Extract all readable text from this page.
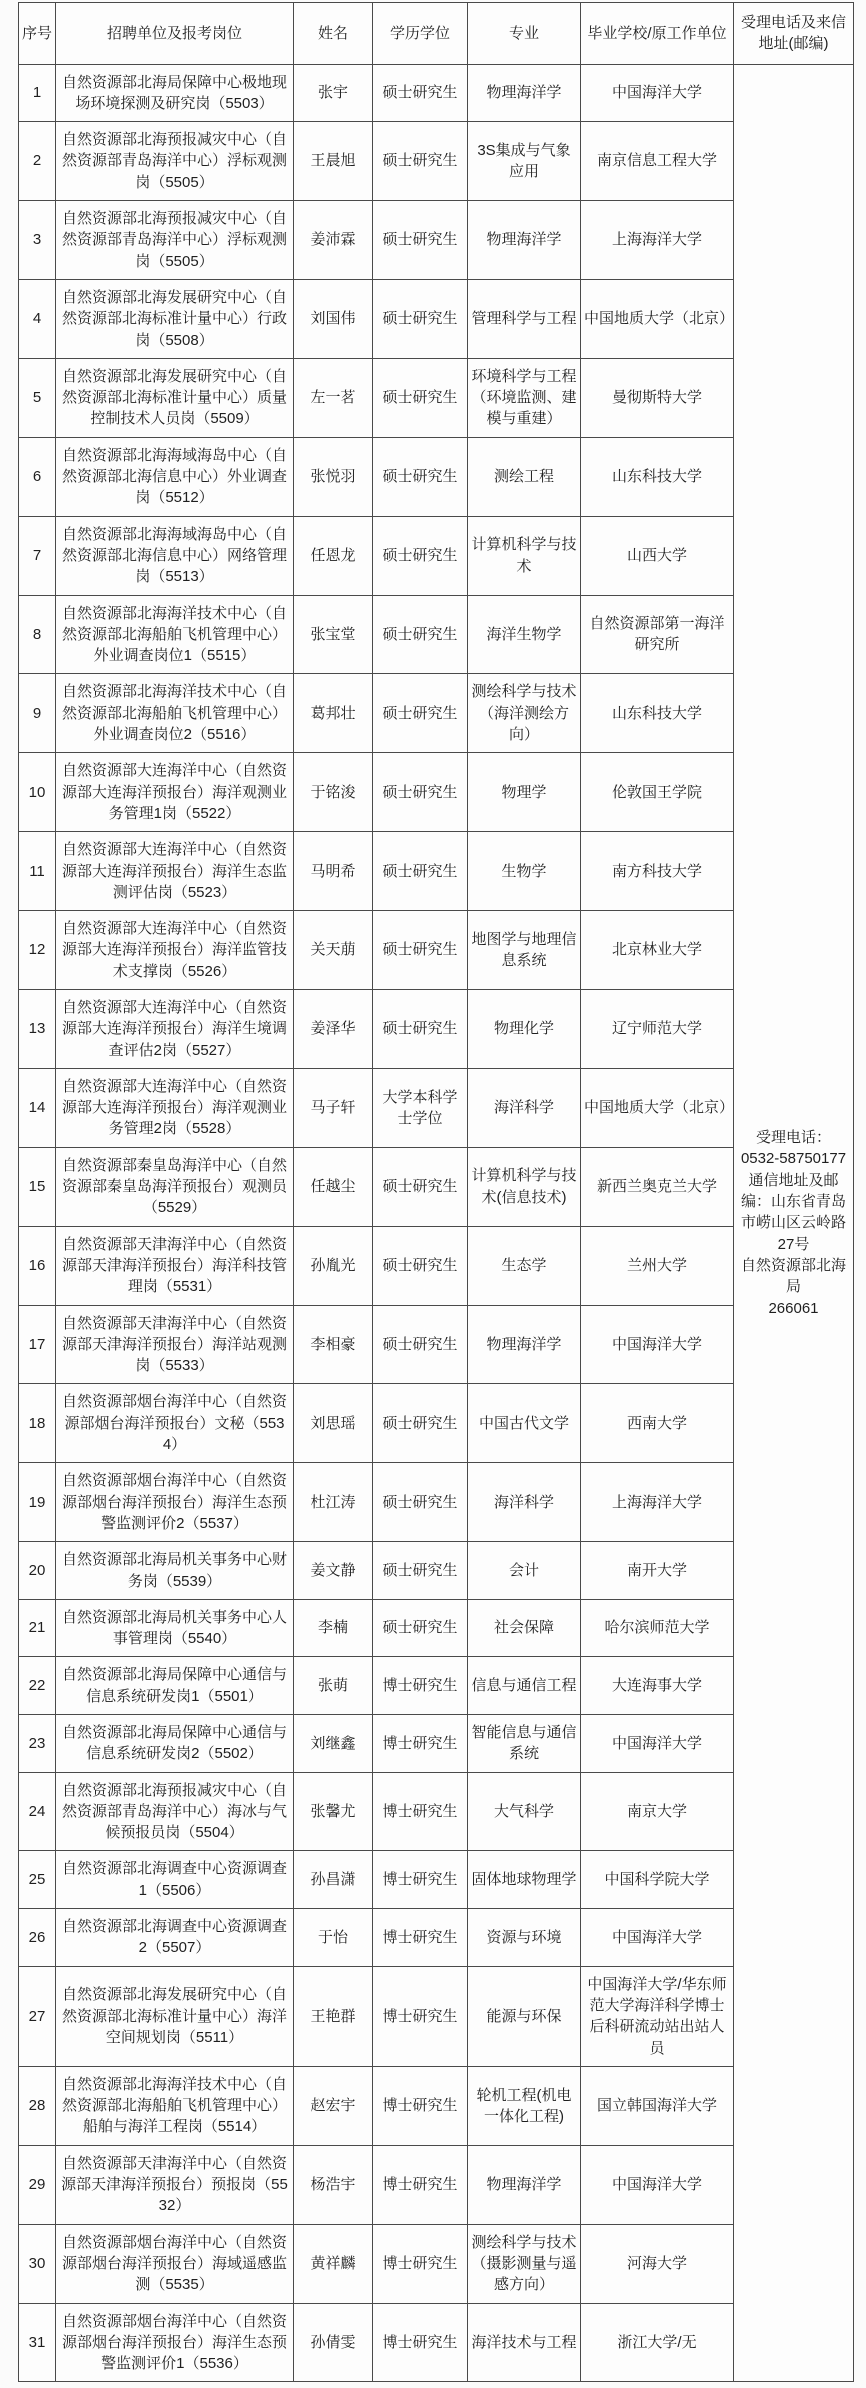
序号	招聘单位及报考岗位	姓名	学历学位	专业	毕业学校/原工作单位	受理电话及来信地址(邮编)
1	自然资源部北海局保障中心极地现场环境探测及研究岗（5503）	张宇	硕士研究生	物理海洋学	中国海洋大学	受理电话：
0532-58750177
通信地址及邮编：山东省青岛市崂山区云岭路27号
自然资源部北海局
266061

2	自然资源部北海预报减灾中心（自然资源部青岛海洋中心）浮标观测岗（5505）	王晨旭	硕士研究生	3S集成与气象应用	南京信息工程大学	
3	自然资源部北海预报减灾中心（自然资源部青岛海洋中心）浮标观测岗（5505）	姜沛霖	硕士研究生	物理海洋学	上海海洋大学	
4	自然资源部北海发展研究中心（自然资源部北海标准计量中心）行政岗（5508）	刘国伟	硕士研究生	管理科学与工程	中国地质大学（北京）	
5	自然资源部北海发展研究中心（自然资源部北海标准计量中心）质量控制技术人员岗（5509）	左一茗	硕士研究生	环境科学与工程（环境监测、建模与重建）	曼彻斯特大学	
6	自然资源部北海海域海岛中心（自然资源部北海信息中心）外业调查岗（5512）	张悦羽	硕士研究生	测绘工程	山东科技大学	
7	自然资源部北海海域海岛中心（自然资源部北海信息中心）网络管理岗（5513）	任恩龙	硕士研究生	计算机科学与技术	山西大学	
8	自然资源部北海海洋技术中心（自然资源部北海船舶飞机管理中心）外业调查岗位1（5515）	张宝堂	硕士研究生	海洋生物学	自然资源部第一海洋研究所	
9	自然资源部北海海洋技术中心（自然资源部北海船舶飞机管理中心）外业调查岗位2（5516）	葛邦壮	硕士研究生	测绘科学与技术（海洋测绘方向）	山东科技大学	
10	自然资源部大连海洋中心（自然资源部大连海洋预报台）海洋观测业务管理1岗（5522）	于铭浚	硕士研究生	物理学	伦敦国王学院	
11	自然资源部大连海洋中心（自然资源部大连海洋预报台）海洋生态监测评估岗（5523）	马明希	硕士研究生	生物学	南方科技大学	
12	自然资源部大连海洋中心（自然资源部大连海洋预报台）海洋监管技术支撑岗（5526）	关天萠	硕士研究生	地图学与地理信息系统	北京林业大学	
13	自然资源部大连海洋中心（自然资源部大连海洋预报台）海洋生境调查评估2岗（5527）	姜泽华	硕士研究生	物理化学	辽宁师范大学	
14	自然资源部大连海洋中心（自然资源部大连海洋预报台）海洋观测业务管理2岗（5528）	马子轩	大学本科学士学位	海洋科学	中国地质大学（北京）	
15	自然资源部秦皇岛海洋中心（自然资源部秦皇岛海洋预报台）观测员（5529）	任越尘	硕士研究生	计算机科学与技术(信息技术)	新西兰奥克兰大学	
16	自然资源部天津海洋中心（自然资源部天津海洋预报台）海洋科技管理岗（5531）	孙胤光	硕士研究生	生态学	兰州大学	
17	自然资源部天津海洋中心（自然资源部天津海洋预报台）海洋站观测岗（5533）	李相豪	硕士研究生	物理海洋学	中国海洋大学	
18	自然资源部烟台海洋中心（自然资源部烟台海洋预报台）文秘（5534）	刘思瑶	硕士研究生	中国古代文学	西南大学	
19	自然资源部烟台海洋中心（自然资源部烟台海洋预报台）海洋生态预警监测评价2（5537）	杜江涛	硕士研究生	海洋科学	上海海洋大学	
20	自然资源部北海局机关事务中心财务岗（5539）	姜文静	硕士研究生	会计	南开大学	
21	自然资源部北海局机关事务中心人事管理岗（5540）	李楠	硕士研究生	社会保障	哈尔滨师范大学	
22	自然资源部北海局保障中心通信与信息系统研发岗1（5501）	张萌	博士研究生	信息与通信工程	大连海事大学	
23	自然资源部北海局保障中心通信与信息系统研发岗2（5502）	刘继鑫	博士研究生	智能信息与通信系统	中国海洋大学	
24	自然资源部北海预报减灾中心（自然资源部青岛海洋中心）海冰与气候预报员岗（5504）	张馨尤	博士研究生	大气科学	南京大学	
25	自然资源部北海调查中心资源调查1（5506）	孙昌潇	博士研究生	固体地球物理学	中国科学院大学	
26	自然资源部北海调查中心资源调查2（5507）	于怡	博士研究生	资源与环境	中国海洋大学	
27	自然资源部北海发展研究中心（自然资源部北海标准计量中心）海洋空间规划岗（5511）	王艳群	博士研究生	能源与环保	中国海洋大学/华东师范大学海洋科学博士后科研流动站出站人员	
28	自然资源部北海海洋技术中心（自然资源部北海船舶飞机管理中心）船舶与海洋工程岗（5514）	赵宏宇	博士研究生	轮机工程(机电一体化工程)	国立韩国海洋大学	
29	自然资源部天津海洋中心（自然资源部天津海洋预报台）预报岗（5532）	杨浩宇	博士研究生	物理海洋学	中国海洋大学	
30	自然资源部烟台海洋中心（自然资源部烟台海洋预报台）海域遥感监测（5535）	黄祥麟	博士研究生	测绘科学与技术（摄影测量与遥感方向）	河海大学	
31	自然资源部烟台海洋中心（自然资源部烟台海洋预报台）海洋生态预警监测评价1（5536）	孙倩雯	博士研究生	海洋技术与工程	浙江大学/无	
